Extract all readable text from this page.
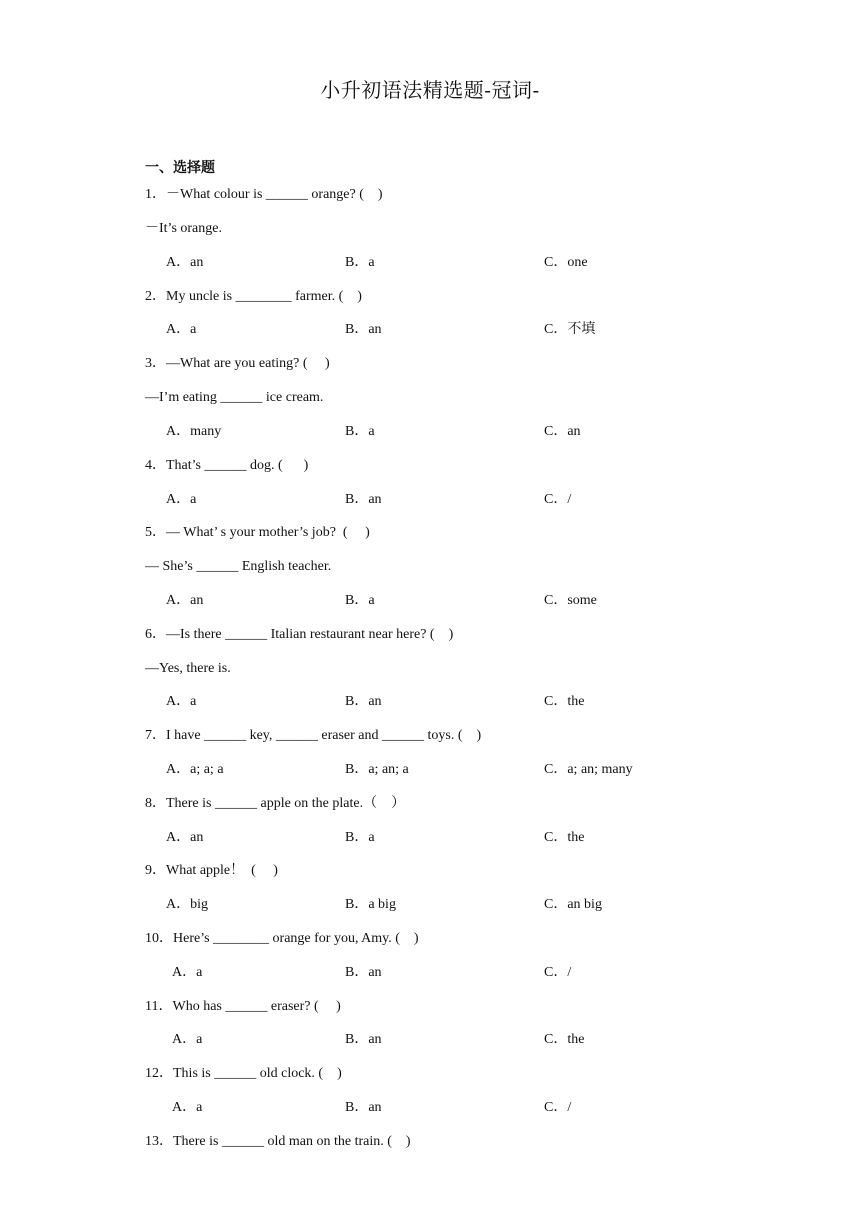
小升初语法精选题-冠词-
一、选择题
1．－What colour is ______ orange? (    )
－It’s orange.
A．an	B．a	C．one
2．My uncle is ________ farmer. (    )
A．a	B．an	C．不填
3．—What are you eating? (     )
—I’m eating ______ ice cream.
A．many	B．a	C．an
4．That’s ______ dog. (      )
A．a	B．an	C．/
5．— What’ s your mother’s job?  (     )
— She’s ______ English teacher.
A．an	B．a	C．some
6．—Is there ______ Italian restaurant near here? (    )
—Yes, there is.
A．a	B．an	C．the
7．I have ______ key, ______ eraser and ______ toys. (    )
A．a; a; a	B．a; an; a	C．a; an; many
8．There is ______ apple on the plate.（    ）
A．an	B．a	C．the
9．What apple！  (     )
A．big	B．a big	C．an big
10．Here’s ________ orange for you, Amy. (    )
A．a	B．an	C．/
11．Who has ______ eraser? (     )
A．a	B．an	C．the
12．This is ______ old clock. (    )
A．a	B．an	C．/
13．There is ______ old man on the train. (    )
